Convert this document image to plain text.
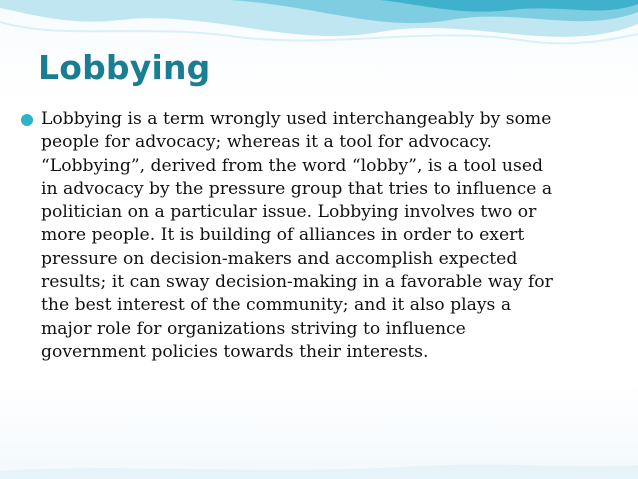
Lobbying
Lobbying is a term wrongly used interchangeably by some
people for advocacy; whereas it a tool for advocacy.
“Lobbying”, derived from the word “lobby”, is a tool used
in advocacy by the pressure group that tries to influence a
politician on a particular issue. Lobbying involves two or
more people. It is building of alliances in order to exert
pressure on decision-makers and accomplish expected
results; it can sway decision-making in a favorable way for
the best interest of the community; and it also plays a
major role for organizations striving to influence
government policies towards their interests.
